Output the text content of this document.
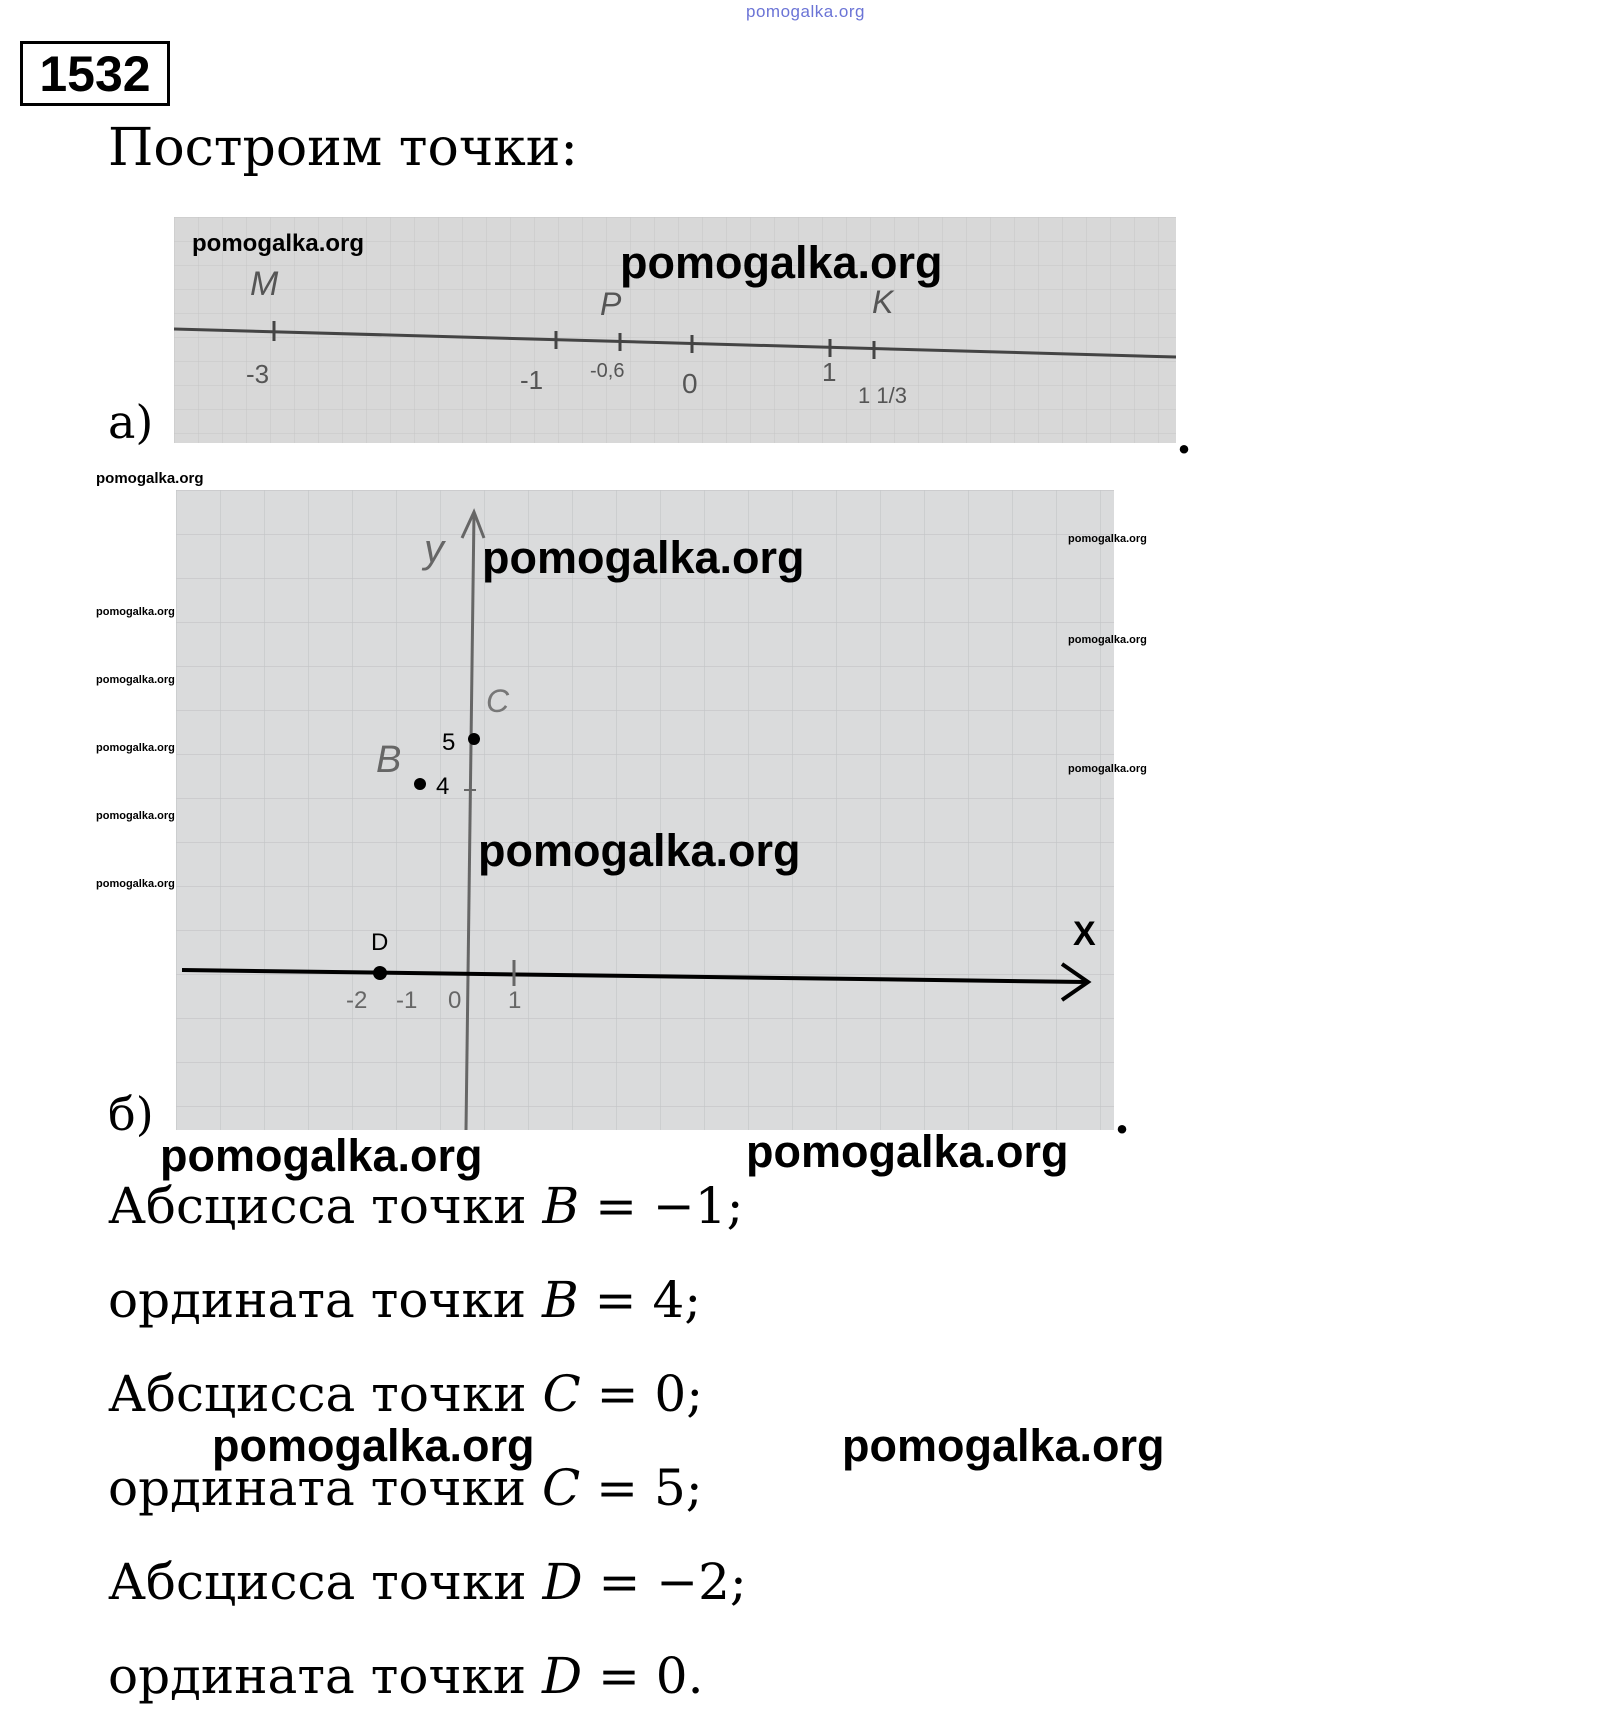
pomogalka.org
1532
Построим точки:
а)
M
P	K
-3	-1 -0,6 0	1
1 1/3
.
pomogalka.org	pomogalka.org
pomogalka.org
X
y
C
5
B
4
D
-2 -1 0 1
б)	.
pomogalka.org
pomogalka.org
pomogalka.org
pomogalka.org
pomogalka.org
pomogalka.org
pomogalka.org
pomogalka.org
pomogalka.org
pomogalka.org
pomogalka.org	pomogalka.org
Абсцисса точки B = −1;
ордината точки B = 4;
Абсцисса точки C = 0;
ордината точки C = 5;
Абсцисса точки D = −2;
ордината точки D = 0.
pomogalka.org	pomogalka.org
